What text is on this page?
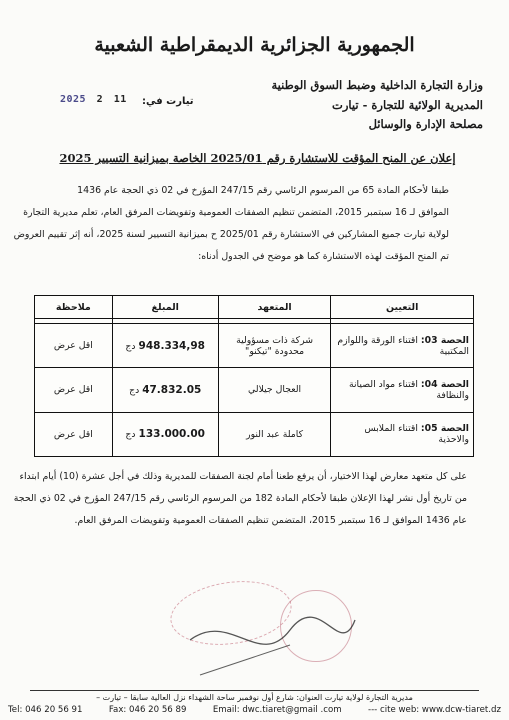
الجمهورية الجزائرية الديمقراطية الشعبية
وزارة التجارة الداخلية وضبط السوق الوطنية
المديرية الولائية للتجارة - تيارت
مصلحة الإدارة والوسائل
تيارت في:
2025 2 11
إعلان عن المنح المؤقت للاستشارة رقم 2025/01 الخاصة بميزانية التسيير 2025
طبقا لأحكام المادة 65 من المرسوم الرئاسي رقم 247/15 المؤرخ في 02 ذي الحجة عام 1436
الموافق لـ 16 سبتمبر 2015، المتضمن تنظيم الصفقات العمومية وتفويضات المرفق العام، تعلم مديرية التجارة
لولاية تيارت جميع المشاركين في الاستشارة رقم 2025/01 ح بميزانية التسيير لسنة 2025، أنه إثر تقييم العروض
تم المنح المؤقت لهذه الاستشارة كما هو موضح في الجدول أدناه:
التعيين	المتعهد	المبلغ	ملاحظة

الحصة 03: اقتناء الورقة واللوازم المكتبية	شركة ذات مسؤولية محدودة "تيكنو"	948.334,98 دج	اقل عرض
الحصة 04: اقتناء مواد الصيانة والنظافة	العجال جيلالي	47.832.05 دج	اقل عرض
الحصة 05: اقتناء الملابس والاحذية	كاملة عبد النور	133.000.00 دج	اقل عرض
على كل متعهد معارض لهذا الاختيار، أن يرفع طعنا أمام لجنة الصفقات للمديرية وذلك في أجل عشرة (10) أيام ابتداء
من تاريخ أول نشر لهذا الإعلان طبقا لأحكام المادة 182 من المرسوم الرئاسي رقم 247/15 المؤرخ في 02 ذي الحجة
عام 1436 الموافق لـ 16 سبتمبر 2015، المتضمن تنظيم الصفقات العمومية وتفويضات المرفق العام.
مديرية التجارة لولاية تيارت العنوان: شارع أول نوفمبر ساحة الشهداء نزل العالية سابقا – تيارت –
Tel: 046 20 56 91	Fax: 046 20 56 89	Email: dwc.tiaret@gmail .com	--- cite web: www.dcw-tiaret.dz
